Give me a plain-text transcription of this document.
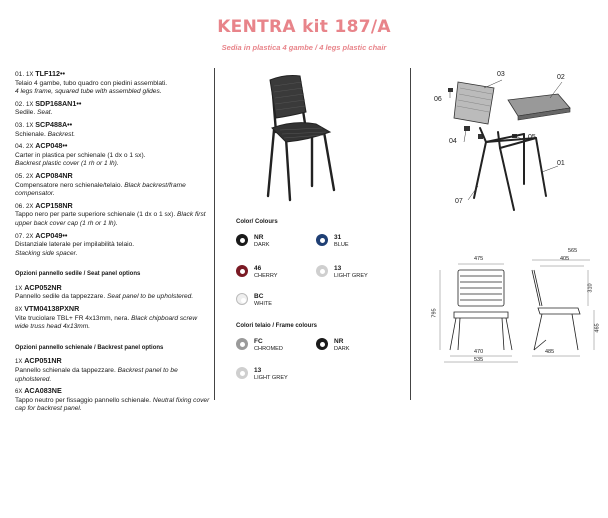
KENTRA kit 187/A
Sedia in plastica 4 gambe / 4 legs plastic chair
01. 1X TLF112••
Telaio 4 gambe, tubo quadro con piedini assemblati.
4 legs frame, squared tube with assembled glides.
02. 1X SDP168AN1••
Sedile. Seat.
03. 1X SCP488A••
Schienale. Backrest.
04. 2X ACP048••
Carter in plastica per schienale (1 dx o 1 sx).
Backrest plastic cover (1 rh or 1 lh).
05. 2X ACP084NR
Compensatore nero schienale/telaio. Black backrest/frame compensator.
06. 2X ACP158NR
Tappo nero per parte superiore schienale (1 dx o 1 sx). Black first upper back cover cap (1 rh or 1 lh).
07. 2X ACP049••
Distanziale laterale per impilabilità telaio.
Stacking side spacer.
Opzioni pannello sedile / Seat panel options
1X ACP052NR
Pannello sedile da tappezzare. Seat panel to be upholstered.
8X VTM04138PXNR
Vite truciolare TBL+ FR 4x13mm, nera. Black chipboard screw wide truss head 4x13mm.
Opzioni pannello schienale / Backrest panel options
1X ACP051NR
Pannello schienale da tappezzare. Backrest panel to be upholstered.
6X ACA083NE
Tappo neutro per fissaggio pannello schienale. Neutral fixing cover cap for backrest panel.
Color/ Colours
NR
DARK
31
BLUE
46
CHERRY
13
LIGHT GREY
BC
WHITE
Colori telaio / Frame colours
FC
CHROMED
NR
DARK
13
LIGHT GREY
03	02
06
04
05
01
07
475
565
405
795
310
465
470
535
485
